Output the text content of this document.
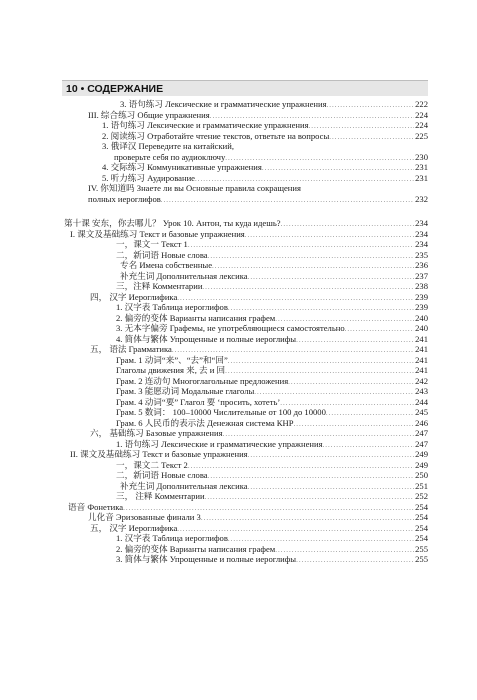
10 • СОДЕРЖАНИЕ
3. 语句练习 Лексические и грамматические упражнения .....	222
III. 综合练习 Общие упражнения .....	224
1. 语句练习 Лексические и грамматические упражнения .....	224
2. 阅读练习 Отработайте чтение текстов, ответьте на вопросы .....	225
3. 俄译汉 Переведите на китайский,
проверьте себя по аудиоключу .....	230
4. 交际练习 Коммуникативные упражнения .....	231
5. 听力练习 Аудирование .....	231
IV. 你知道吗 Знаете ли вы Основные правила сокращения
полных иероглифов .....	232
第十课 安东，你去哪儿？ Урок 10. Антон, ты куда идешь? .....	234
I. 课文及基础练习 Текст и базовые упражнения .....	234
一，课文一 Текст 1 .....	234
二，新词语 Новые слова .....	235
专名 Имена собственные .....	236
补充生词 Дополнительная лексика .....	237
三，注释 Комментарии .....	238
四， 汉字 Иероглифика .....	239
1. 汉字表 Таблица иероглифов .....	239
2. 偏旁的变体 Варианты написания графем .....	240
3. 无本字偏旁 Графемы, не употребляющиеся самостоятельно .....	240
4. 简体与繁体 Упрощенные и полные иероглифы .....	241
五， 语法 Грамматика .....	241
Грам. 1 动词“来”、“去”和“回” .....	241
Глаголы движения 来, 去 и 回 .....	241
Грам. 2 连动句 Многоглагольные предложения .....	242
Грам. 3 能愿动词 Модальные глаголы .....	243
Грам. 4 动词“要” Глагол 要 ‘просить, хотеть’ .....	244
Грам. 5 数词： 100–10000 Числительные от 100 до 10000 .....	245
Грам. 6 人民币的表示法 Денежная система КНР .....	246
六， 基础练习 Базовые упражнения .....	247
1. 语句练习 Лексические и грамматические упражнения .....	247
II. 课文及基础练习 Текст и базовые упражнения .....	249
一，课文二 Текст 2 .....	249
二，新词语 Новые слова .....	250
补充生词 Дополнительная лексика .....	251
三， 注释 Комментарии .....	252
语音 Фонетика .....	254
儿化音 Эризованные финали 3 .....	254
五， 汉字 Иероглифика .....	254
1. 汉字表 Таблица иероглифов .....	254
2. 偏旁的变体 Варианты написания графем .....	255
3. 简体与繁体 Упрощенные и полные иероглифы .....	255
